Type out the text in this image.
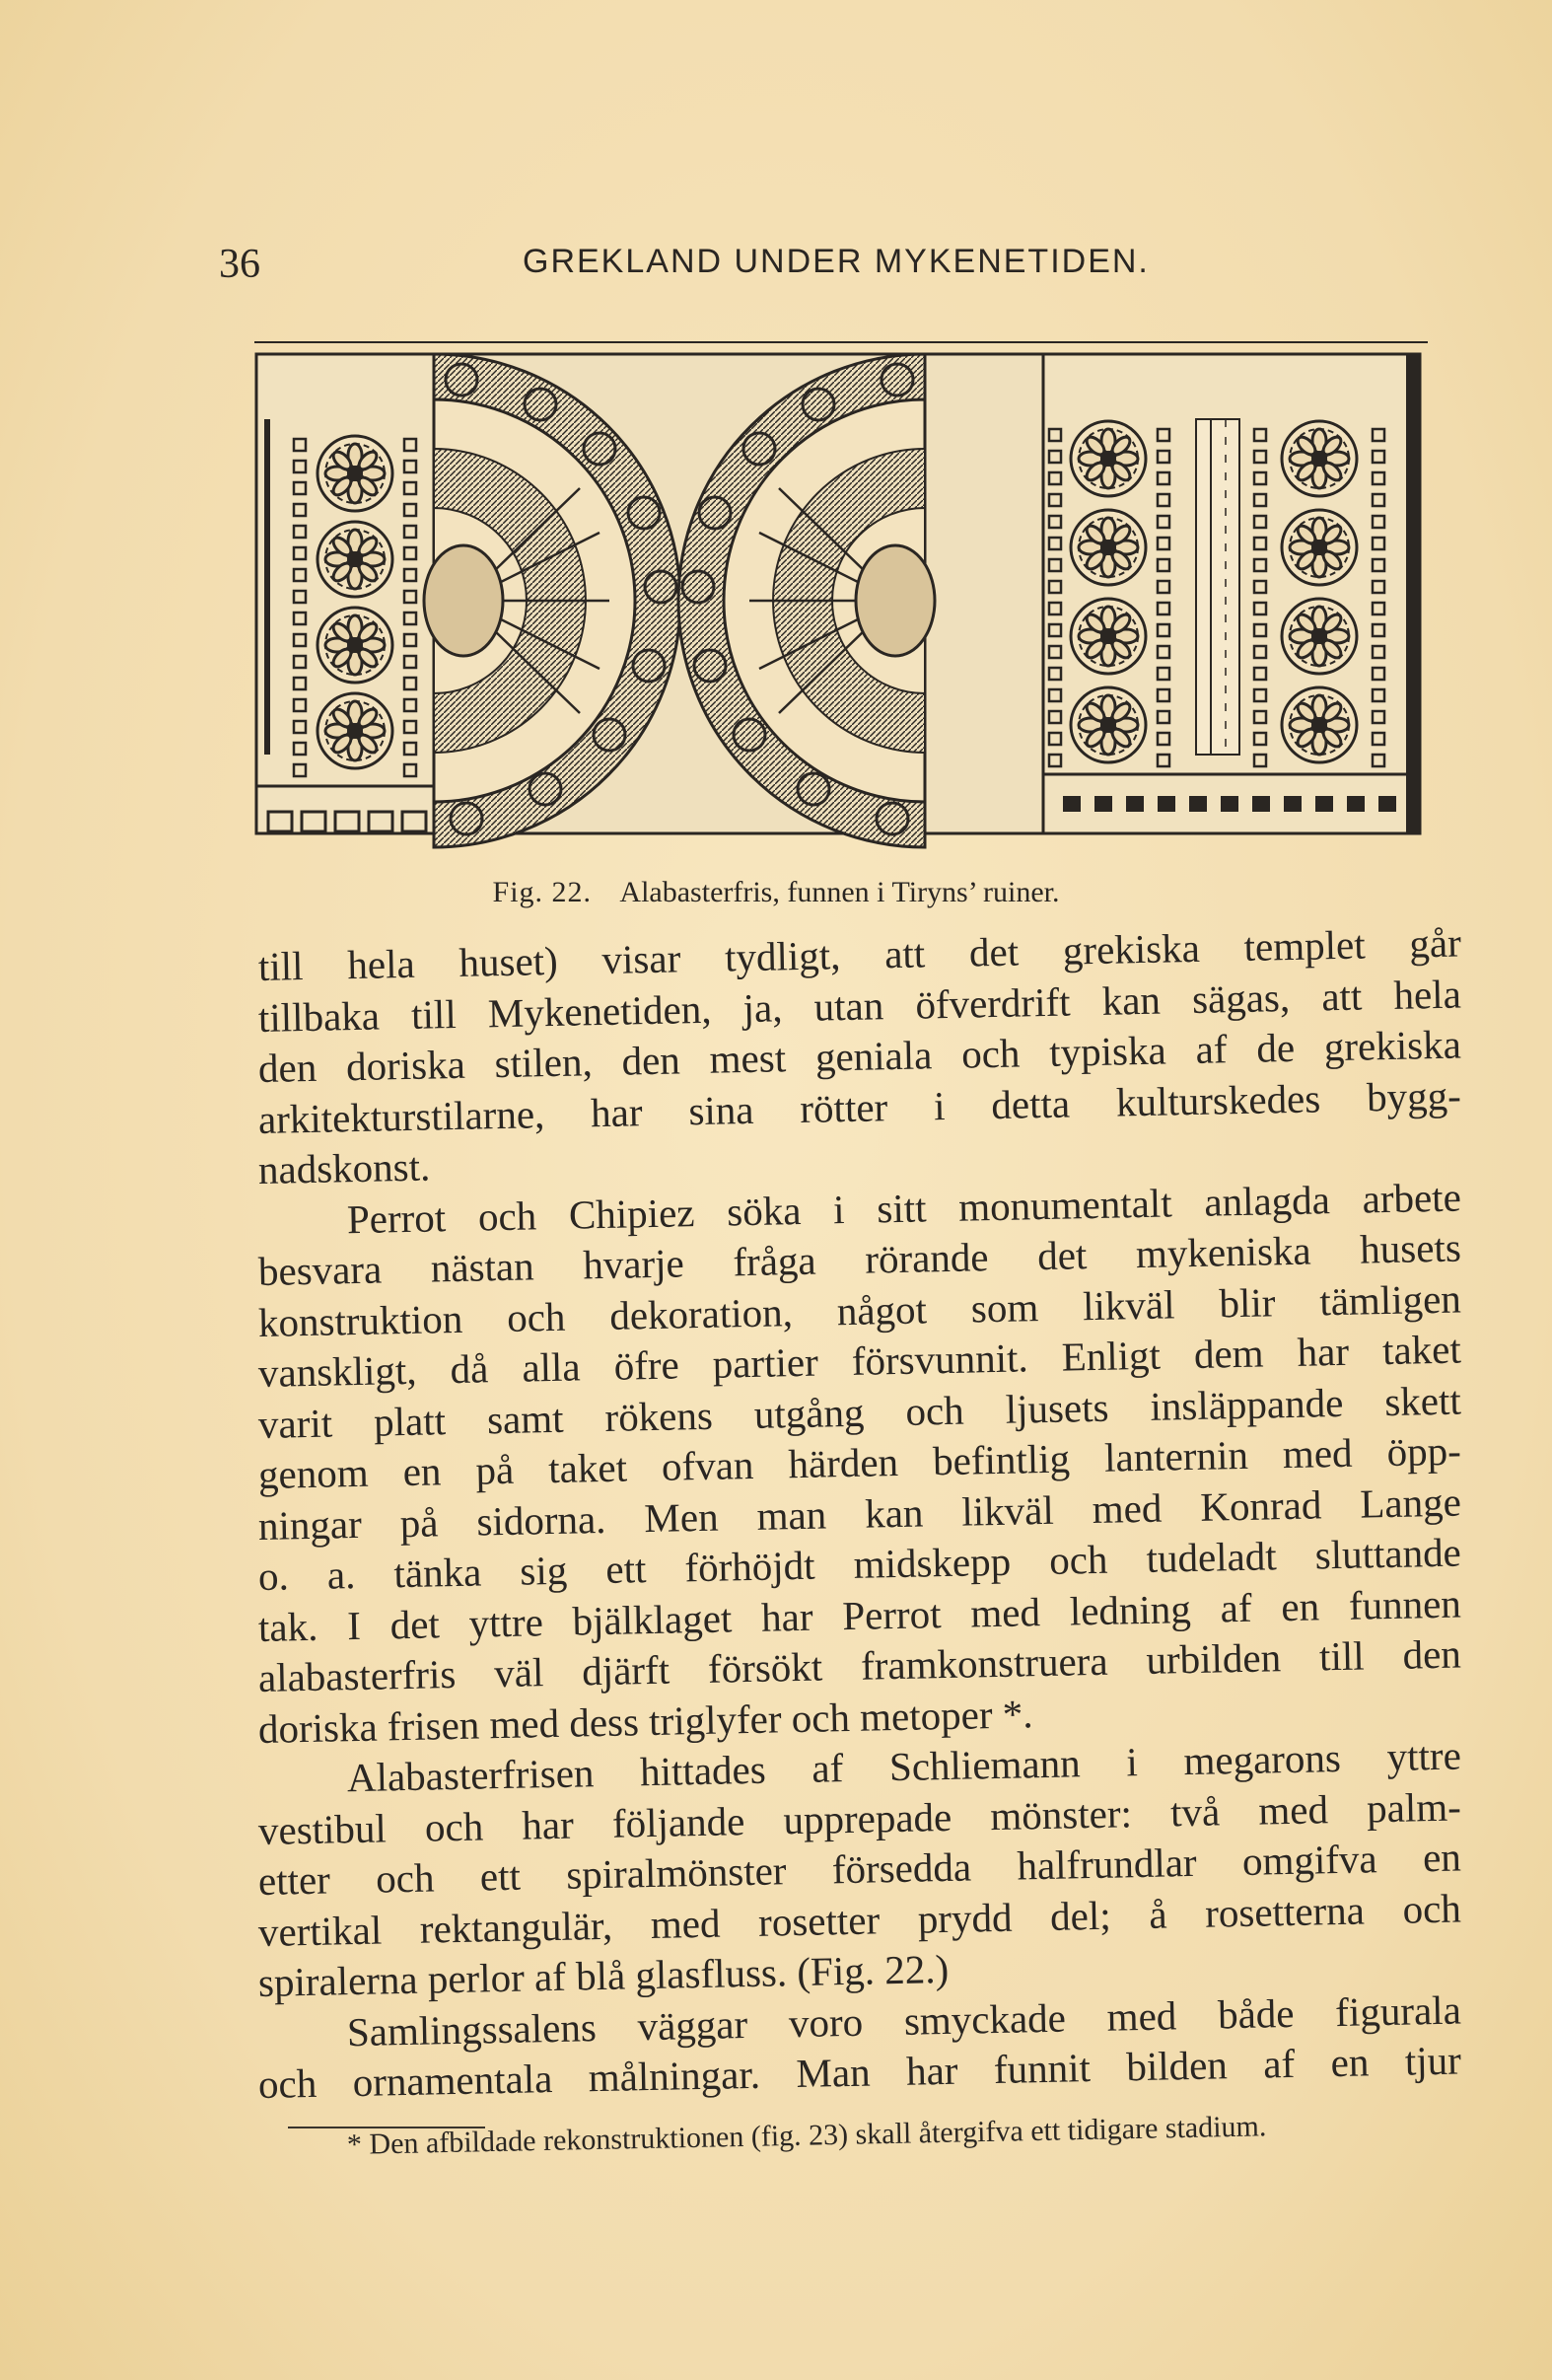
36	GREKLAND UNDER MYKENETIDEN.
Fig. 22. Alabasterfris, funnen i Tiryns’ ruiner.
till hela huset) visar tydligt, att det grekiska templet går
tillbaka till Mykenetiden, ja, utan öfverdrift kan sägas, att hela
den doriska stilen, den mest geniala och typiska af de grekiska
arkitekturstilarne, har sina rötter i detta kulturskedes bygg-
nadskonst.
Perrot och Chipiez söka i sitt monumentalt anlagda arbete
besvara nästan hvarje fråga rörande det mykeniska husets
konstruktion och dekoration, något som likväl blir tämligen
vanskligt, då alla öfre partier försvunnit. Enligt dem har taket
varit platt samt rökens utgång och ljusets insläppande skett
genom en på taket ofvan härden befintlig lanternin med öpp-
ningar på sidorna. Men man kan likväl med Konrad Lange
o. a. tänka sig ett förhöjdt midskepp och tudeladt sluttande
tak. I det yttre bjälklaget har Perrot med ledning af en funnen
alabasterfris väl djärft försökt framkonstruera urbilden till den
doriska frisen med dess triglyfer och metoper *.
Alabasterfrisen hittades af Schliemann i megarons yttre
vestibul och har följande upprepade mönster: två med palm-
etter och ett spiralmönster försedda halfrundlar omgifva en
vertikal rektangulär, med rosetter prydd del; å rosetterna och
spiralerna perlor af blå glasfluss. (Fig. 22.)
Samlingssalens väggar voro smyckade med både figurala
och ornamentala målningar. Man har funnit bilden af en tjur
* Den afbildade rekonstruktionen (fig. 23) skall återgifva ett tidigare stadium.
